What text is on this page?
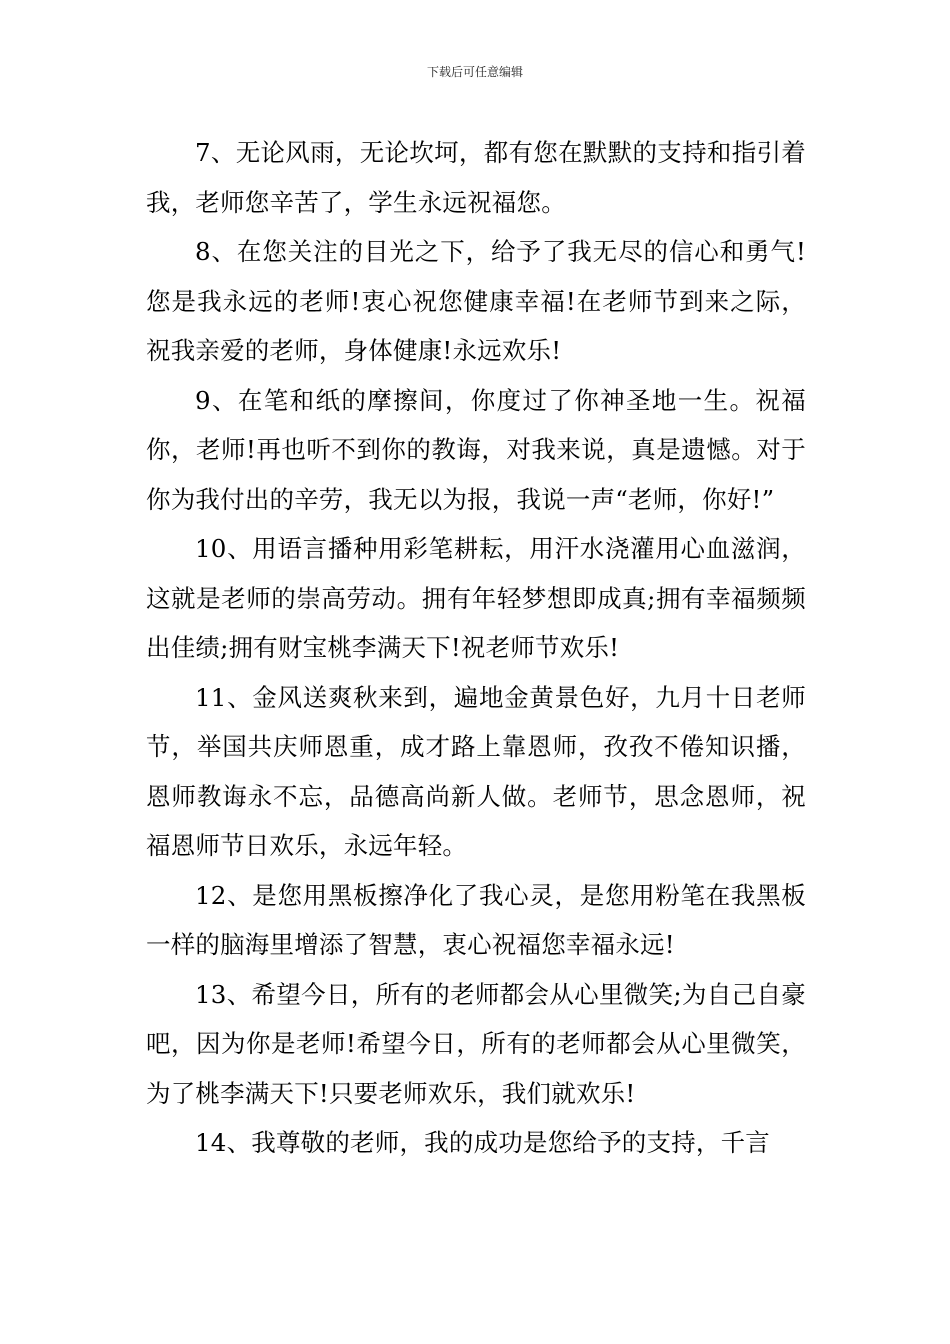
下载后可任意编辑

7、无论风雨，无论坎坷，都有您在默默的支持和指引着我，老师您辛苦了，学生永远祝福您。

8、在您关注的目光之下，给予了我无尽的信心和勇气!您是我永远的老师!衷心祝您健康幸福!在老师节到来之际，祝我亲爱的老师，身体健康!永远欢乐!

9、在笔和纸的摩擦间，你度过了你神圣地一生。祝福你，老师!再也听不到你的教诲，对我来说，真是遗憾。对于你为我付出的辛劳，我无以为报，我说一声“老师，你好!”

10、用语言播种用彩笔耕耘，用汗水浇灌用心血滋润，这就是老师的崇高劳动。拥有年轻梦想即成真;拥有幸福频频出佳绩;拥有财宝桃李满天下!祝老师节欢乐!

11、金风送爽秋来到，遍地金黄景色好，九月十日老师节，举国共庆师恩重，成才路上靠恩师，孜孜不倦知识播，恩师教诲永不忘，品德高尚新人做。老师节，思念恩师，祝福恩师节日欢乐，永远年轻。

12、是您用黑板擦净化了我心灵，是您用粉笔在我黑板一样的脑海里增添了智慧，衷心祝福您幸福永远!

13、希望今日，所有的老师都会从心里微笑;为自己自豪吧，因为你是老师!希望今日，所有的老师都会从心里微笑，为了桃李满天下!只要老师欢乐，我们就欢乐!

14、我尊敬的老师，我的成功是您给予的支持，千言
